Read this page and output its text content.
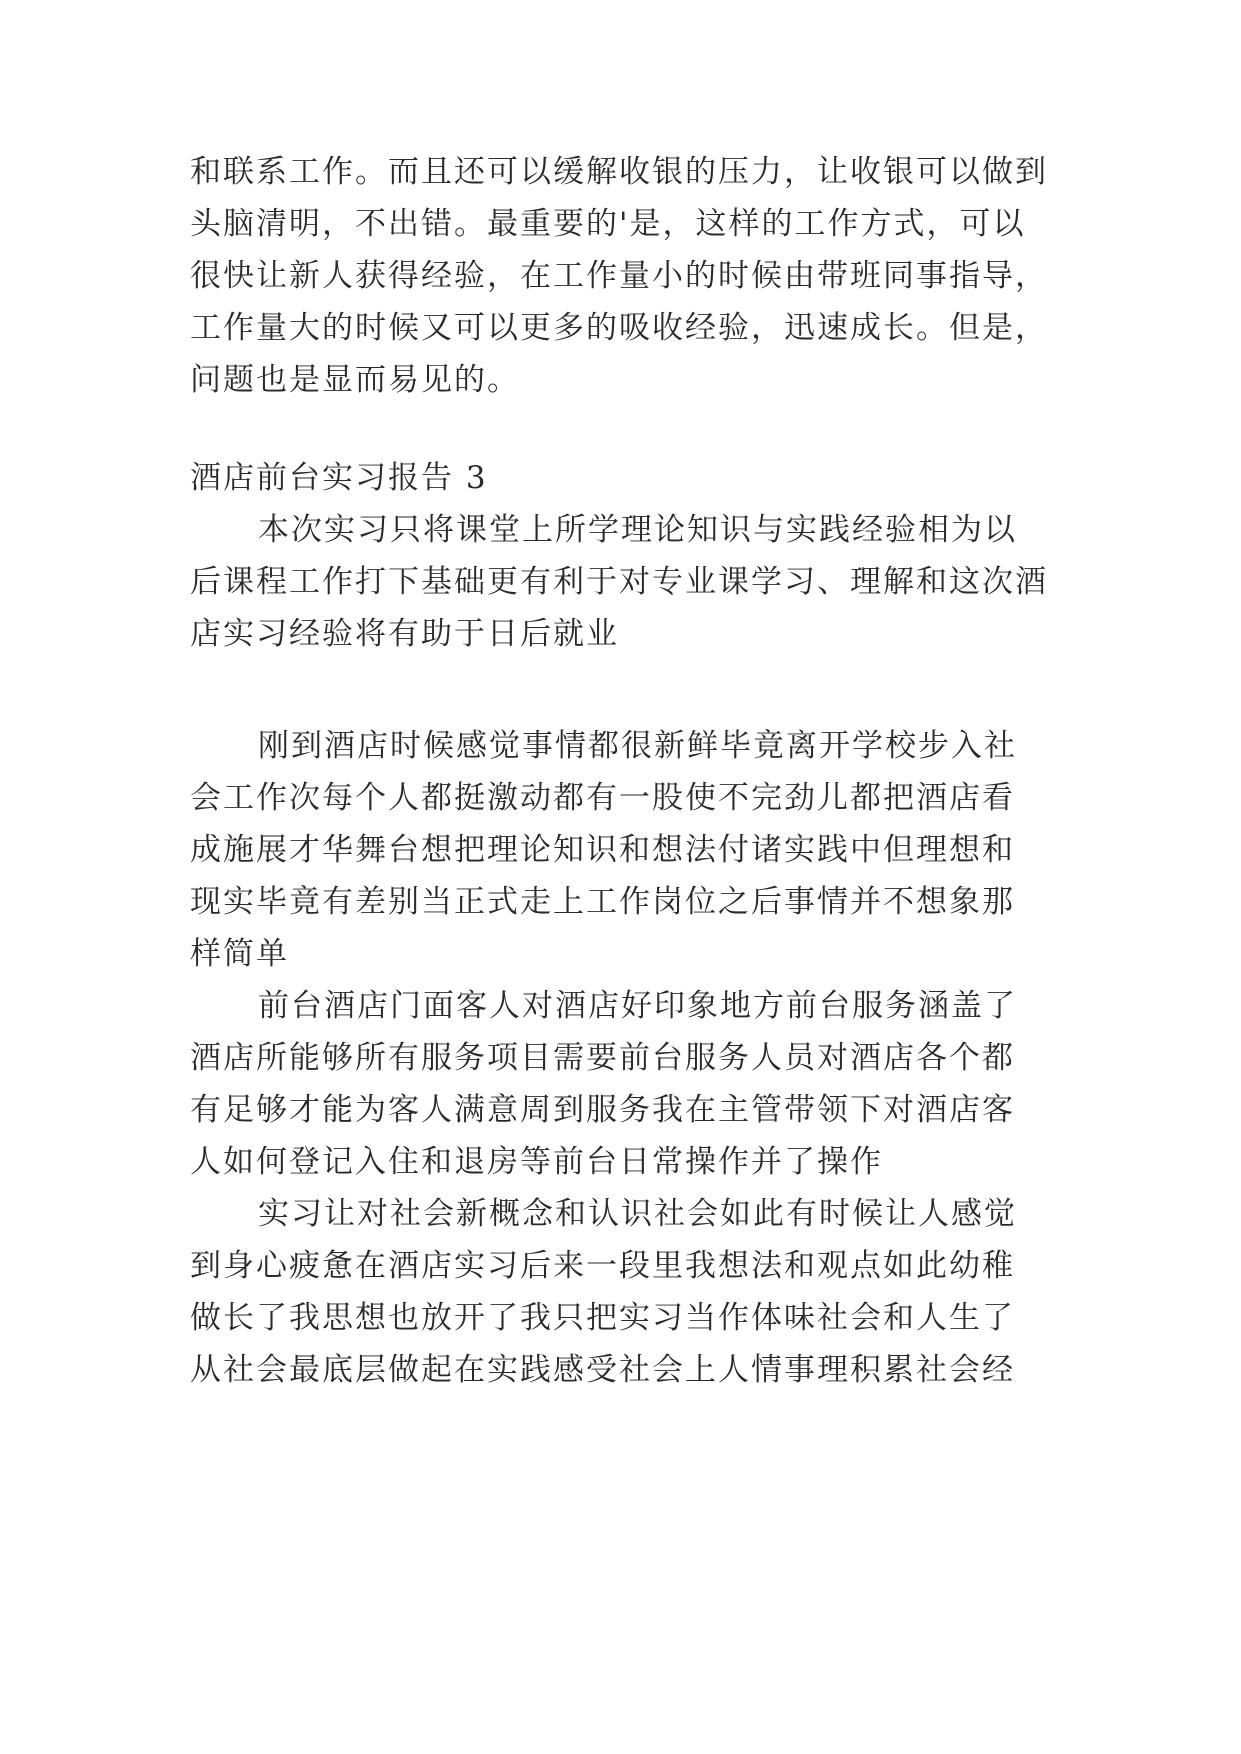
和联系工作。而且还可以缓解收银的压力，让收银可以做到
头脑清明，不出错。最重要的'是，这样的工作方式，可以
很快让新人获得经验，在工作量小的时候由带班同事指导，
工作量大的时候又可以更多的吸收经验，迅速成长。但是，
问题也是显而易见的。
酒店前台实习报告 3
本次实习只将课堂上所学理论知识与实践经验相为以
后课程工作打下基础更有利于对专业课学习、理解和这次酒
店实习经验将有助于日后就业
刚到酒店时候感觉事情都很新鲜毕竟离开学校步入社
会工作次每个人都挺激动都有一股使不完劲儿都把酒店看
成施展才华舞台想把理论知识和想法付诸实践中但理想和
现实毕竟有差别当正式走上工作岗位之后事情并不想象那
样简单
前台酒店门面客人对酒店好印象地方前台服务涵盖了
酒店所能够所有服务项目需要前台服务人员对酒店各个都
有足够才能为客人满意周到服务我在主管带领下对酒店客
人如何登记入住和退房等前台日常操作并了操作
实习让对社会新概念和认识社会如此有时候让人感觉
到身心疲惫在酒店实习后来一段里我想法和观点如此幼稚
做长了我思想也放开了我只把实习当作体味社会和人生了
从社会最底层做起在实践感受社会上人情事理积累社会经
